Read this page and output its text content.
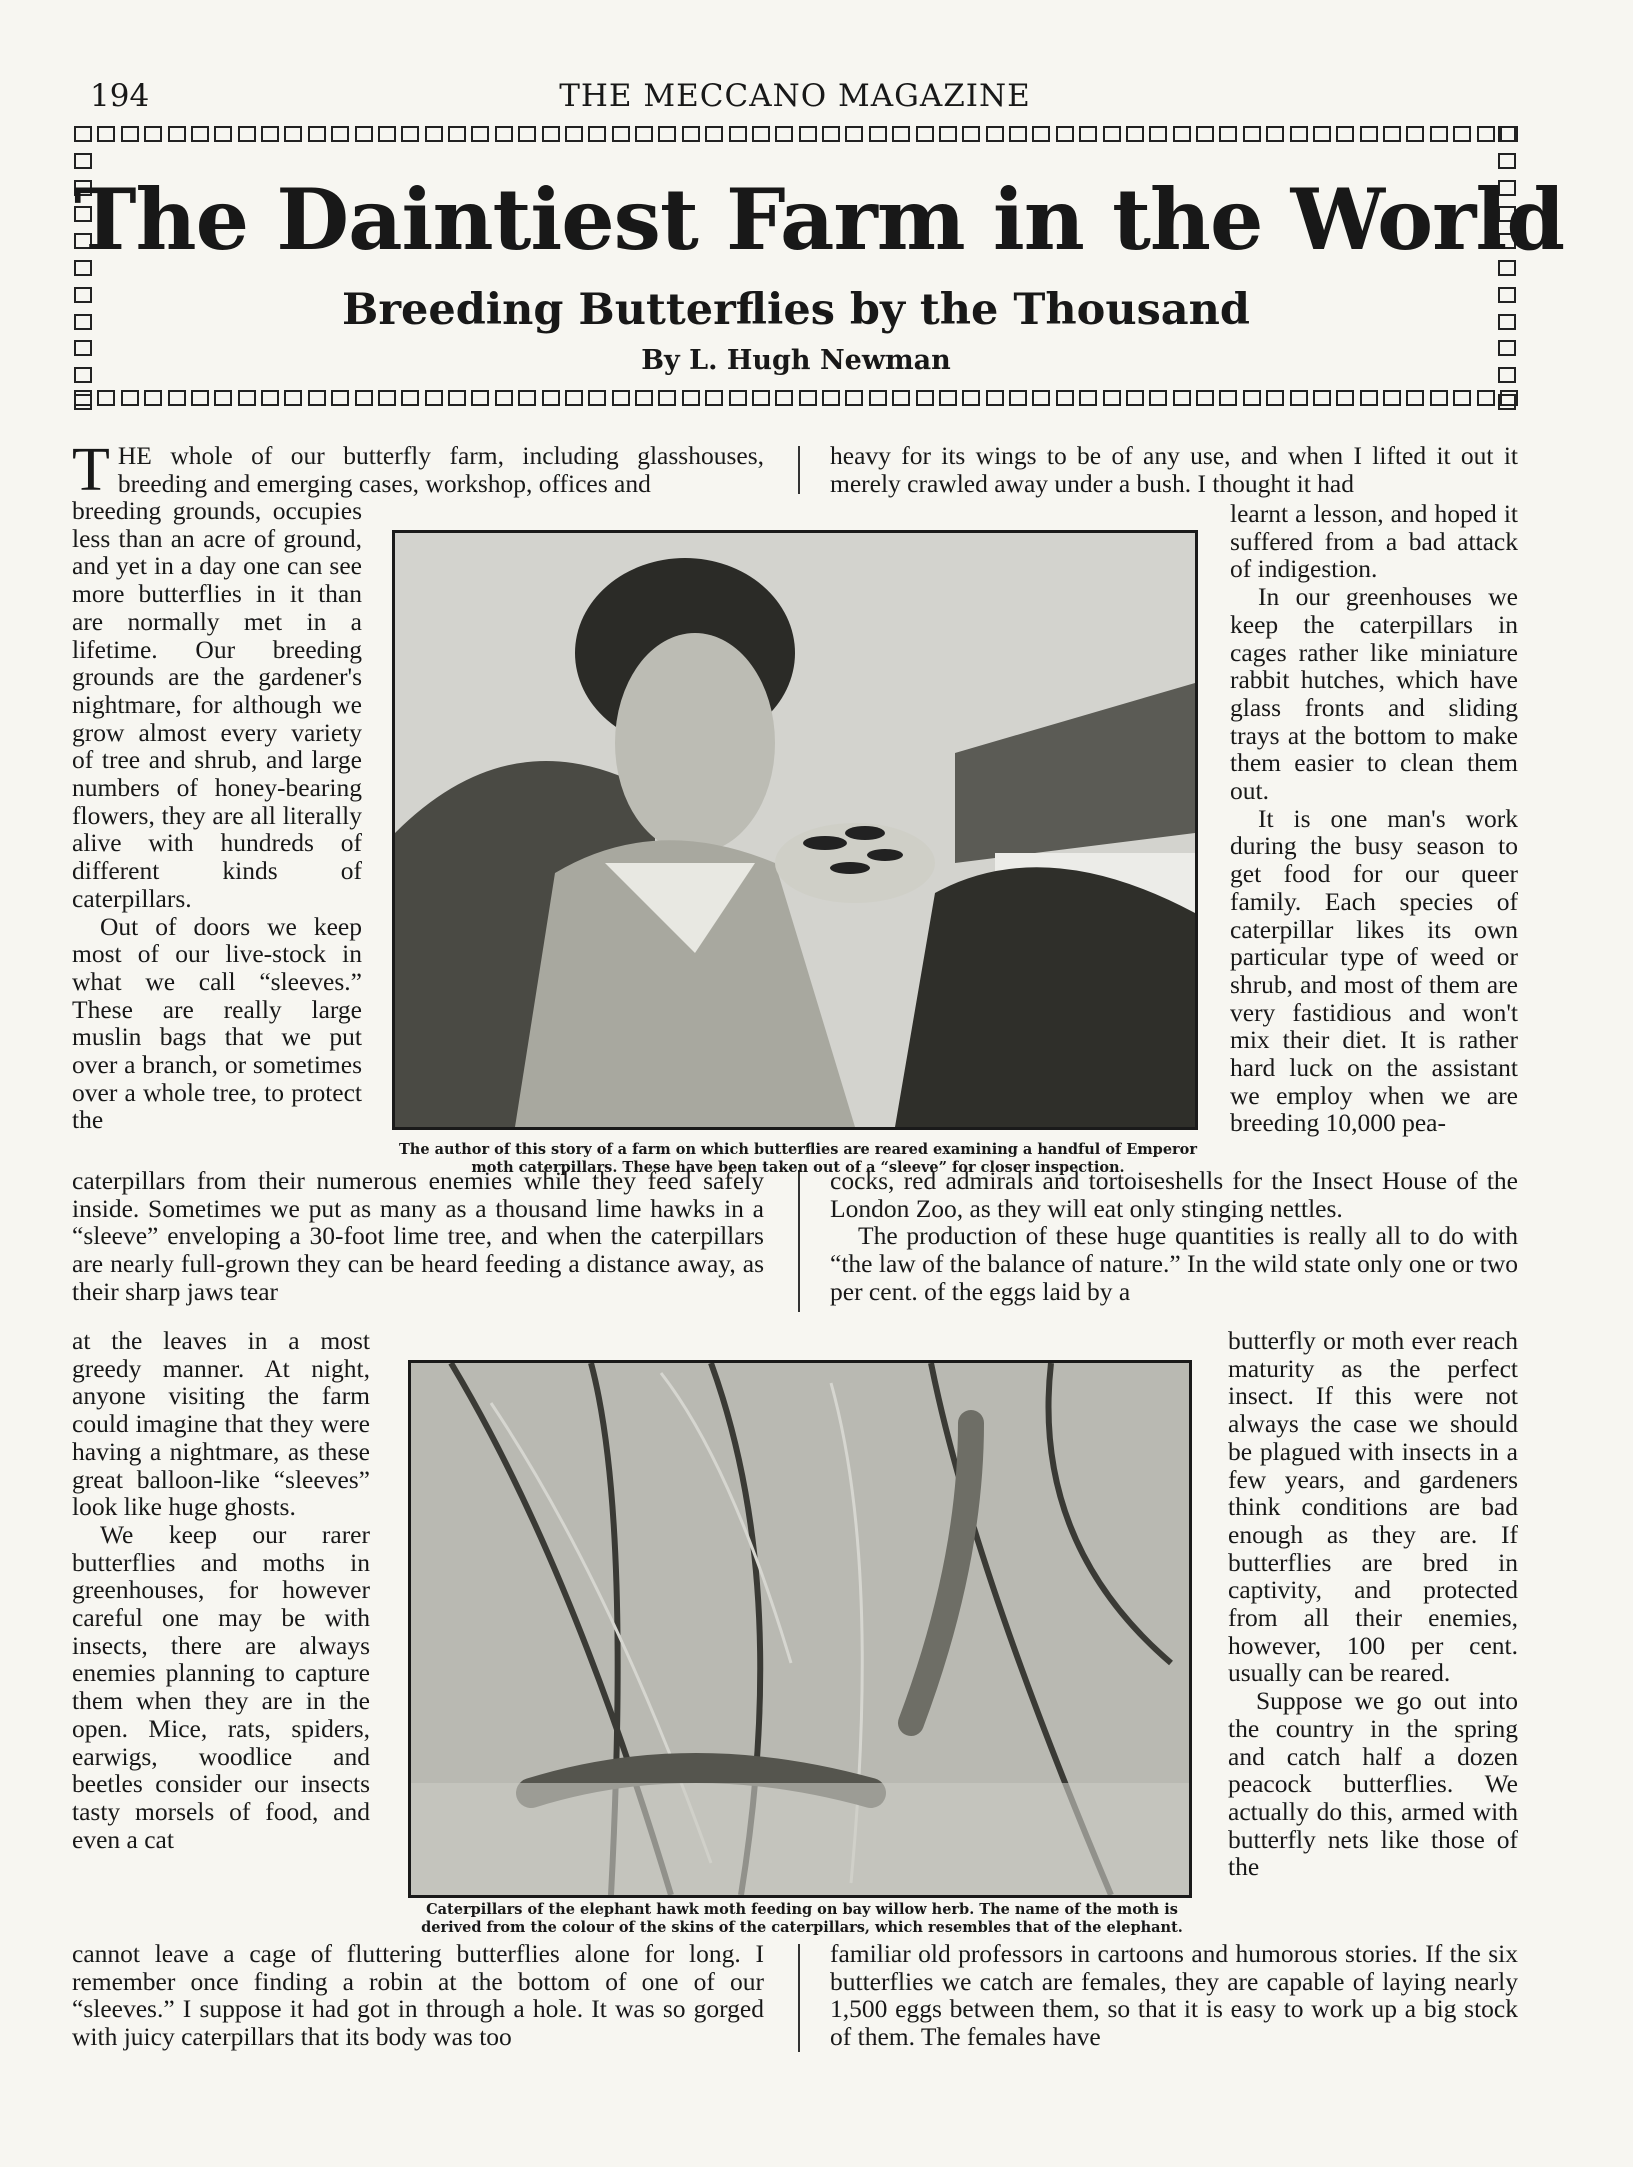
194	THE MECCANO MAGAZINE
The Daintiest Farm in the World
Breeding Butterflies by the Thousand
By L. Hugh Newman
THE whole of our butterfly farm, including glasshouses, breeding and emerging cases, workshop, offices and

breeding grounds, occupies less than an acre of ground, and yet in a day one can see more butterflies in it than are normally met in a lifetime. Our breeding grounds are the gardener's nightmare, for although we grow almost every variety of tree and shrub, and large numbers of honey-bearing flowers, they are all literally alive with hundreds of different kinds of caterpillars.

Out of doors we keep most of our live-stock in what we call “sleeves.” These are really large muslin bags that we put over a branch, or sometimes over a whole tree, to protect the

caterpillars from their numerous enemies while they feed safely inside. Sometimes we put as many as a thousand lime hawks in a “sleeve” enveloping a 30-foot lime tree, and when the caterpillars are nearly full-grown they can be heard feeding a distance away, as their sharp jaws tear

at the leaves in a most greedy manner. At night, anyone visiting the farm could imagine that they were having a nightmare, as these great balloon-like “sleeves” look like huge ghosts.

We keep our rarer butterflies and moths in greenhouses, for however careful one may be with insects, there are always enemies planning to capture them when they are in the open. Mice, rats, spiders, earwigs, woodlice and beetles consider our insects tasty morsels of food, and even a cat

cannot leave a cage of fluttering butterflies alone for long. I remember once finding a robin at the bottom of one of our “sleeves.” I suppose it had got in through a hole. It was so gorged with juicy caterpillars that its body was too
heavy for its wings to be of any use, and when I lifted it out it merely crawled away under a bush. I thought it had

learnt a lesson, and hoped it suffered from a bad attack of indigestion.

In our greenhouses we keep the caterpillars in cages rather like miniature rabbit hutches, which have glass fronts and sliding trays at the bottom to make them easier to clean them out.

It is one man's work during the busy season to get food for our queer family. Each species of caterpillar likes its own particular type of weed or shrub, and most of them are very fastidious and won't mix their diet. It is rather hard luck on the assistant we employ when we are breeding 10,000 pea-

cocks, red admirals and tortoiseshells for the Insect House of the London Zoo, as they will eat only stinging nettles.

The production of these huge quantities is really all to do with “the law of the balance of nature.” In the wild state only one or two per cent. of the eggs laid by a

butterfly or moth ever reach maturity as the perfect insect. If this were not always the case we should be plagued with insects in a few years, and gardeners think conditions are bad enough as they are. If butterflies are bred in captivity, and protected from all their enemies, however, 100 per cent. usually can be reared.

Suppose we go out into the country in the spring and catch half a dozen peacock butterflies. We actually do this, armed with butterfly nets like those of the

familiar old professors in cartoons and humorous stories. If the six butterflies we catch are females, they are capable of laying nearly 1,500 eggs between them, so that it is easy to work up a big stock of them. The females have
The author of this story of a farm on which butterflies are reared examining a handful of Emperor moth caterpillars. These have been taken out of a “sleeve” for closer inspection.
Caterpillars of the elephant hawk moth feeding on bay willow herb. The name of the moth is derived from the colour of the skins of the caterpillars, which resembles that of the elephant.
